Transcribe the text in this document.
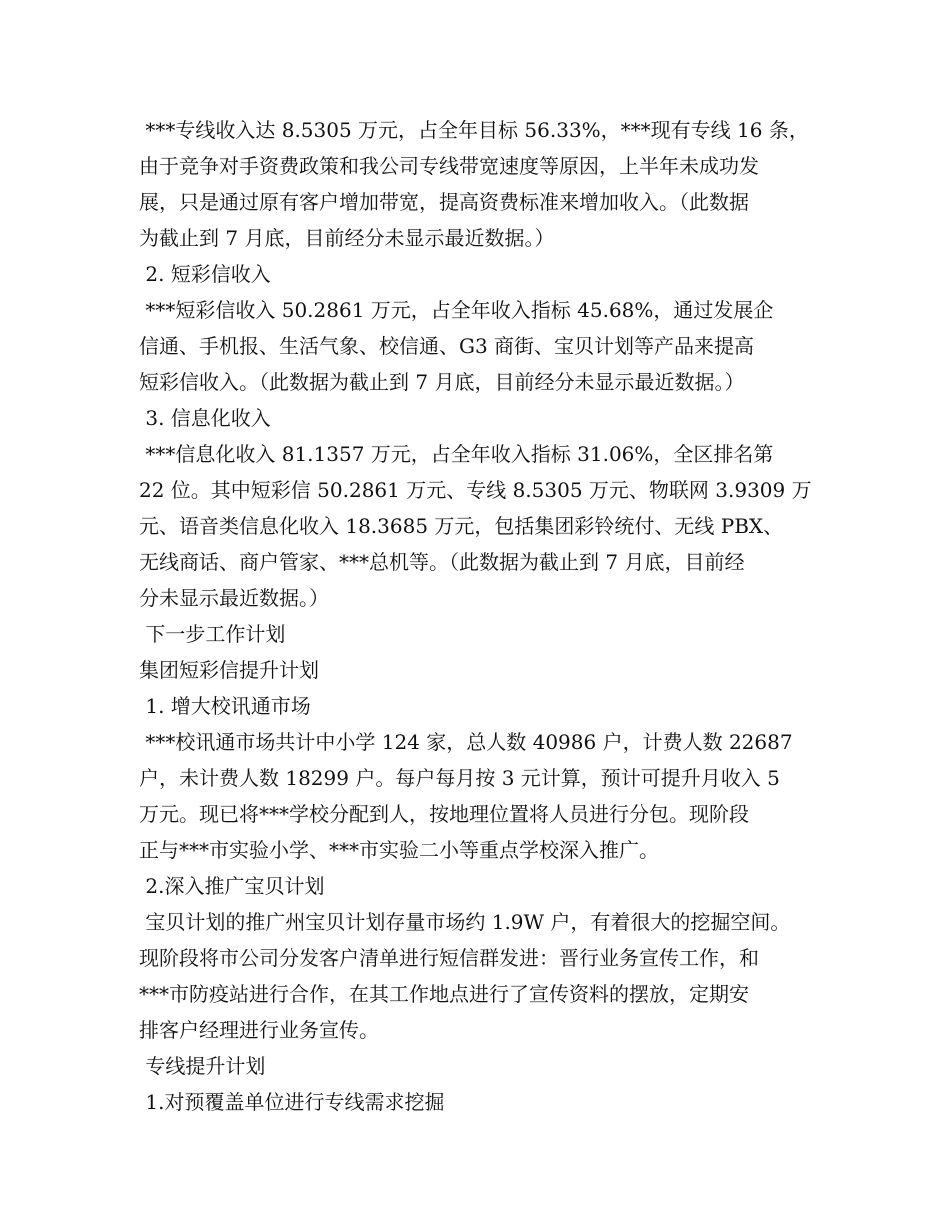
***专线收入达 8.5305 万元，占全年目标 56.33%，***现有专线 16 条，
由于竞争对手资费政策和我公司专线带宽速度等原因，上半年未成功发
展，只是通过原有客户增加带宽，提高资费标准来增加收入。（此数据
为截止到 7 月底，目前经分未显示最近数据。）
2. 短彩信收入
***短彩信收入 50.2861 万元，占全年收入指标 45.68%，通过发展企
信通、手机报、生活气象、校信通、G3 商街、宝贝计划等产品来提高
短彩信收入。（此数据为截止到 7 月底，目前经分未显示最近数据。）
3. 信息化收入
***信息化收入 81.1357 万元，占全年收入指标 31.06%，全区排名第
22 位。其中短彩信 50.2861 万元、专线 8.5305 万元、物联网 3.9309 万
元、语音类信息化收入 18.3685 万元，包括集团彩铃统付、无线 PBX、
无线商话、商户管家、***总机等。（此数据为截止到 7 月底，目前经
分未显示最近数据。）
下一步工作计划
集团短彩信提升计划
1. 增大校讯通市场
***校讯通市场共计中小学 124 家，总人数 40986 户，计费人数 22687
户，未计费人数 18299 户。每户每月按 3 元计算，预计可提升月收入 5
万元。现已将***学校分配到人，按地理位置将人员进行分包。现阶段
正与***市实验小学、***市实验二小等重点学校深入推广。
2.深入推广宝贝计划
宝贝计划的推广州宝贝计划存量市场约 1.9W 户，有着很大的挖掘空间。
现阶段将市公司分发客户清单进行短信群发进：晋行业务宣传工作，和
***市防疫站进行合作，在其工作地点进行了宣传资料的摆放，定期安
排客户经理进行业务宣传。
专线提升计划
1.对预覆盖单位进行专线需求挖掘
